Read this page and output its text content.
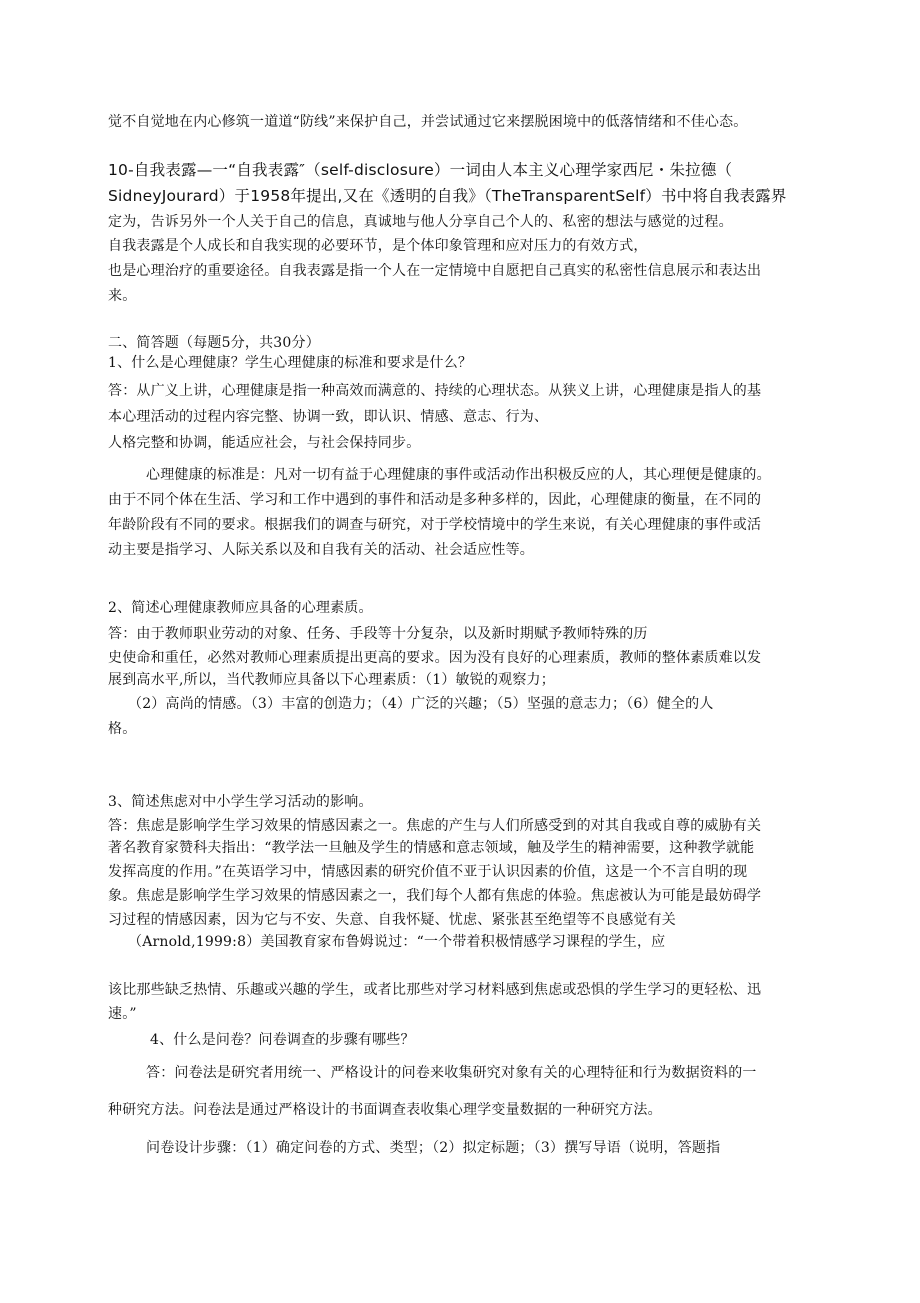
觉不自觉地在内心修筑一道道“防线”来保护自己，并尝试通过它来摆脱困境中的低落情绪和不佳心态。
10-自我表露—一“自我表露″（self-disclosure）一词由人本主义心理学家西尼・朱拉德（
SidneyJourard）于1958年提出,又在《透明的自我》（TheTransparentSelf）书中将自我表露界
定为，告诉另外一个人关于自己的信息，真诚地与他人分享自己个人的、私密的想法与感觉的过程。
自我表露是个人成长和自我实现的必要环节，是个体印象管理和应对压力的有效方式，
也是心理治疗的重要途径。自我表露是指一个人在一定情境中自愿把自己真实的私密性信息展示和表达出
来。
二、简答题（每题5分，共30分）
1、什么是心理健康？学生心理健康的标准和要求是什么？
答：从广义上讲，心理健康是指一种高效而满意的、持续的心理状态。从狭义上讲，心理健康是指人的基
本心理活动的过程内容完整、协调一致，即认识、情感、意志、行为、
人格完整和协调，能适应社会，与社会保持同步。
心理健康的标准是：凡对一切有益于心理健康的事件或活动作出积极反应的人，其心理便是健康的。
由于不同个体在生活、学习和工作中遇到的事件和活动是多种多样的，因此，心理健康的衡量，在不同的
年龄阶段有不同的要求。根据我们的调查与研究，对于学校情境中的学生来说，有关心理健康的事件或活
动主要是指学习、人际关系以及和自我有关的活动、社会适应性等。
2、简述心理健康教师应具备的心理素质。
答：由于教师职业劳动的对象、任务、手段等十分复杂，以及新时期赋予教师特殊的历
史使命和重任，必然对教师心理素质提出更高的要求。因为没有良好的心理素质，教师的整体素质难以发
展到高水平,所以，当代教师应具备以下心理素质：（1）敏锐的观察力；
（2）高尚的情感。（3）丰富的创造力；（4）广泛的兴趣；（5）坚强的意志力；（6）健全的人
格。
3、简述焦虑对中小学生学习活动的影响。
答：焦虑是影响学生学习效果的情感因素之一。焦虑的产生与人们所感受到的对其自我或自尊的威胁有关
著名教育家赞科夫指出：“教学法一旦触及学生的情感和意志领域，触及学生的精神需要，这种教学就能
发挥高度的作用。”在英语学习中，情感因素的研究价值不亚于认识因素的价值，这是一个不言自明的现
象。焦虑是影响学生学习效果的情感因素之一，我们每个人都有焦虑的体验。焦虑被认为可能是最妨碍学
习过程的情感因素，因为它与不安、失意、自我怀疑、忧虑、紧张甚至绝望等不良感觉有关
（Arnold,1999:8）美国教育家布鲁姆说过：“一个带着积极情感学习课程的学生，应
该比那些缺乏热情、乐趣或兴趣的学生，或者比那些对学习材料感到焦虑或恐惧的学生学习的更轻松、迅
速。”
4、什么是问卷？问卷调查的步骤有哪些？
答：问卷法是研究者用统一、严格设计的问卷来收集研究对象有关的心理特征和行为数据资料的一
种研究方法。问卷法是通过严格设计的书面调查表收集心理学变量数据的一种研究方法。
问卷设计步骤：（1）确定问卷的方式、类型；（2）拟定标题；（3）撰写导语（说明，答题指
